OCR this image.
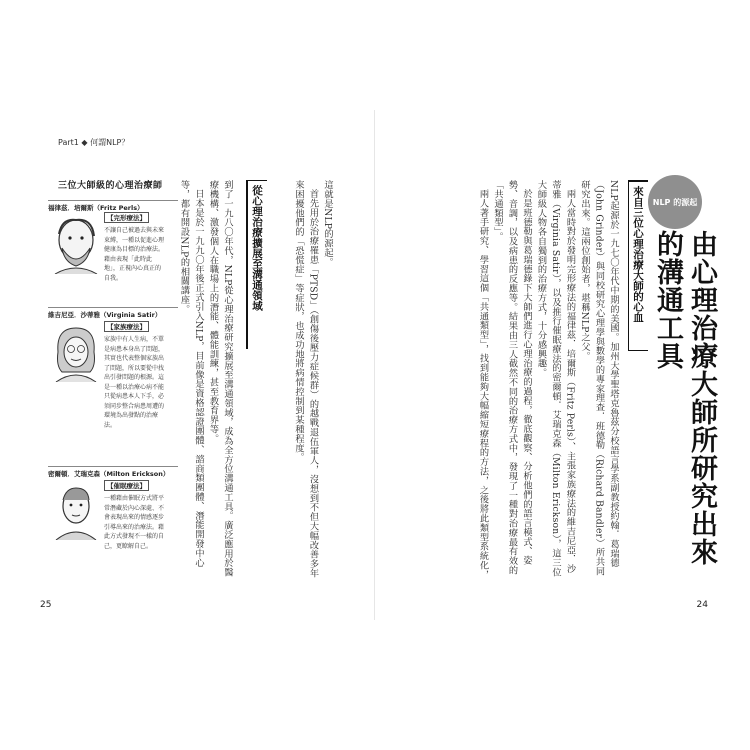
NLP 的源起
由心理治療大師所研究出來的溝通工具
來自三位心理治療大師的心血

NLP起源於一九七〇年代中期的美國。加州大學聖塔克魯茲分校語言學系副教授約翰．葛瑞德（John Grinder）與同校研究心理學與數學的專家理查．班德勒（Richard Bandler）所共同研究出來。這兩位創始者，堪稱NLP之父。

兩人當時對於發明完形療法的福律茲．培爾斯（Fritz Perls）、主張家族療法的維吉尼亞．沙蒂雅（Virginia Satir），以及推行催眠療法的密爾頓．艾瑞克森（Milton Erickson），這三位大師級人物各自獨到的治療方式，十分感興趣。

於是班德勒與葛瑞德錄下大師們進行心理治療的過程，徹底觀察、分析他們的語言模式、姿勢、音調，以及病患的反應等。結果由三人截然不同的治療方式中，發現了一種對治療最有效的「共通類型」。

兩人著手研究、學習這個「共通類型」，找到能夠大幅縮短療程的方法，之後將此類型系統化，

24
Part1 ◆ 何謂NLP？

這就是NLP的源起。

首先用於治療罹患「PTSD」（創傷後壓力症候群）的越戰退伍軍人，沒想到不但大幅改善多年來困擾他們的「恐慌症」等症狀，也成功地將病情控制到某種程度。

從心理治療擴展至溝通領域

到了一九八〇年代，NLP從心理治療研究擴展至溝通領域，成為全方位溝通工具。廣泛應用於醫療機構、激發個人在職場上的潛能、體能訓練，甚至教育界等。

日本是於一九九〇年後正式引入NLP，目前像是資格認證團體、諮商類團體、潛能開發中心等，都有開設NLP的相關講座。

三位大師級的心理治療師
福律茲．培爾斯（Fritz Perls）
【完形療法】
不讓自己被過去與未來束縛，一種以促進心理健康為目標的治療法。藉由表現「此時此地」，正視內心真正的自我。
維吉尼亞．沙蒂雅（Virginia Satir）
【家族療法】
家族中有人生病，不單是病患本身出了問題，其實也代表整個家族出了問題，所以要從中找出引發問題的根源。這是一種以治療心病不能只從病患本人下手，必須同步整合病患周遭的環境為出發點的治療法。
密爾頓．艾瑞克森（Milton Erickson）
【催眠療法】
一種藉由催眠方式將平常潛藏於內心深處、不會表現出來的情感逐步引導出來的治療法。藉此方式發現不一樣的自己，更瞭解自己。
25
